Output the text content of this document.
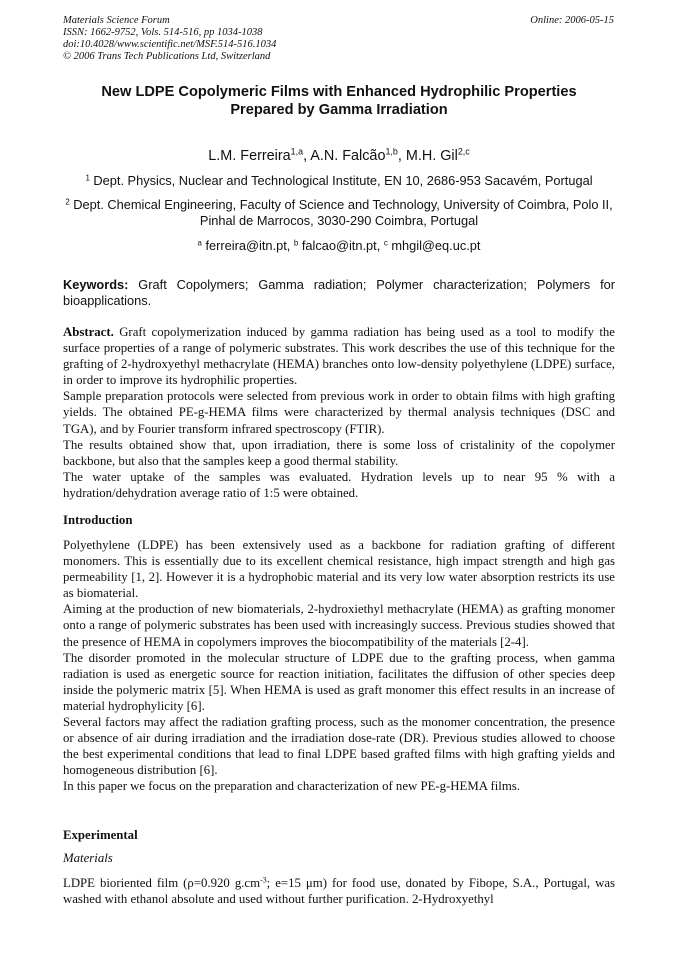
Materials Science Forum
ISSN: 1662-9752, Vols. 514-516, pp 1034-1038
doi:10.4028/www.scientific.net/MSF.514-516.1034
© 2006 Trans Tech Publications Ltd, Switzerland
Online: 2006-05-15
New LDPE Copolymeric Films with Enhanced Hydrophilic Properties
Prepared by Gamma Irradiation
L.M. Ferreira$^{1,a}$, A.N. Falcão$^{1,b}$, M.H. Gil$^{2,c}$
$^1$ Dept. Physics, Nuclear and Technological Institute, EN 10, 2686-953 Sacavém, Portugal
$^2$ Dept. Chemical Engineering, Faculty of Science and Technology, University of Coimbra, Polo II, Pinhal de Marrocos, 3030-290 Coimbra, Portugal
$^a$ ferreira@itn.pt, $^b$ falcao@itn.pt, $^c$ mhgil@eq.uc.pt
Keywords: Graft Copolymers; Gamma radiation; Polymer characterization; Polymers for bioapplications.

Abstract. Graft copolymerization induced by gamma radiation has being used as a tool to modify the surface properties of a range of polymeric substrates. This work describes the use of this technique for the grafting of 2-hydroxyethyl methacrylate (HEMA) branches onto low-density polyethylene (LDPE) surface, in order to improve its hydrophilic properties.

Sample preparation protocols were selected from previous work in order to obtain films with high grafting yields. The obtained PE-g-HEMA films were characterized by thermal analysis techniques (DSC and TGA), and by Fourier transform infrared spectroscopy (FTIR).

The results obtained show that, upon irradiation, there is some loss of cristalinity of the copolymer backbone, but also that the samples keep a good thermal stability.

The water uptake of the samples was evaluated. Hydration levels up to near 95 % with a hydration/dehydration average ratio of 1:5 were obtained.

Introduction

Polyethylene (LDPE) has been extensively used as a backbone for radiation grafting of different monomers. This is essentially due to its excellent chemical resistance, high impact strength and high gas permeability [1, 2]. However it is a hydrophobic material and its very low water absorption restricts its use as biomaterial.

Aiming at the production of new biomaterials, 2-hydroxiethyl methacrylate (HEMA) as grafting monomer onto a range of polymeric substrates has been used with increasingly success. Previous studies showed that the presence of HEMA in copolymers improves the biocompatibility of the materials [2-4].

The disorder promoted in the molecular structure of LDPE due to the grafting process, when gamma radiation is used as energetic source for reaction initiation, facilitates the diffusion of other species deep inside the polymeric matrix [5]. When HEMA is used as graft monomer this effect results in an increase of material hydrophylicity [6].

Several factors may affect the radiation grafting process, such as the monomer concentration, the presence or absence of air during irradiation and the irradiation dose-rate (DR). Previous studies allowed to choose the best experimental conditions that lead to final LDPE based grafted films with high grafting yields and homogeneous distribution [6].

In this paper we focus on the preparation and characterization of new PE-g-HEMA films.

Experimental
Materials

LDPE bioriented film (ρ=0.920 $g.cm^{-3}$; e=15 μm) for food use, donated by Fibope, S.A., Portugal, was washed with ethanol absolute and used without further purification. 2-Hydroxyethyl
